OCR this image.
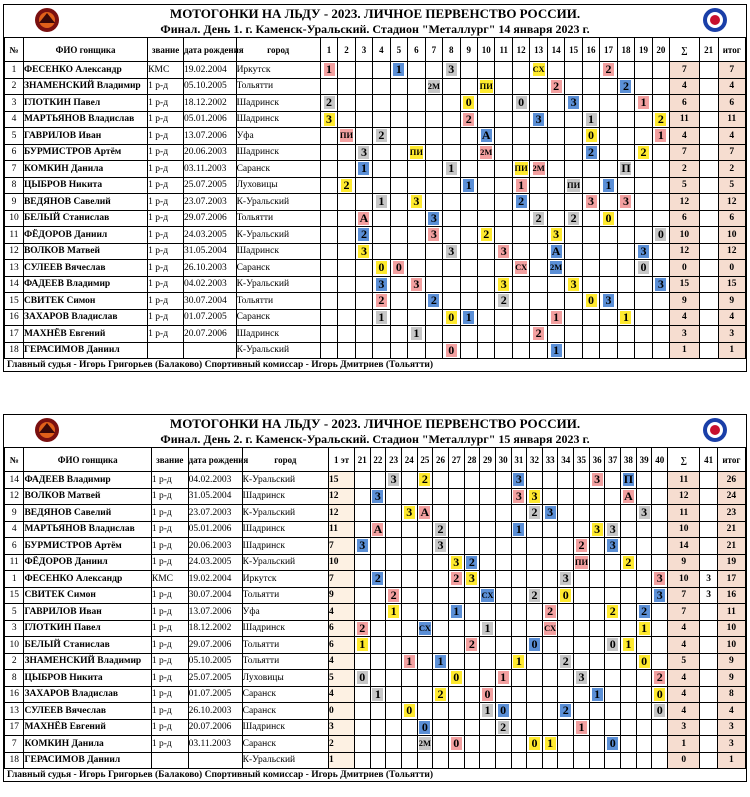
МОТОГОНКИ НА ЛЬДУ - 2023. ЛИЧНОЕ ПЕРВЕНСТВО РОССИИ.
Финал. День 1. г. Каменск-Уральский. Стадион "Металлург" 14 января 2023 г.
№	ФИО гонщика	звание	дата рождения	город	1	2	3	4	5	6	7	8	9	10	11	12	13	14	15	16	17	18	19	20	∑	21	итог
1	ФЕСЕНКО Александр	КМС	19.02.2004	Иркутск	1				1			3					СХ				2				7		7
2	ЗНАМЕНСКИЙ Владимир	1 р-д	05.10.2005	Тольятти							2М			ПИ				2				2			4		4
3	ГЛОТКИН Павел	1 р-д	18.12.2002	Шадринск	2								0			0			3				1		6		6
4	МАРТЬЯНОВ Владислав	1 р-д	05.01.2006	Шадринск	3								2				3			1				2	11		11
5	ГАВРИЛОВ Иван	1 р-д	13.07.2006	Уфа		ПИ		2						А						0				1	4		4
6	БУРМИСТРОВ Артём	1 р-д	20.06.2003	Шадринск			3			ПИ				2М						2			2		7		7
7	КОМКИН Данила	1 р-д	03.11.2003	Саранск			1					1				ПИ	2М					П			2		2
8	ЦЫБРОВ Никита	1 р-д	25.07.2005	Луховицы		2							1			1			ПИ		1				5		5
9	ВЕДЯНОВ Савелий	1 р-д	23.07.2003	К-Уральский				1		3						2				3		3			12		12
10	БЕЛЫЙ Станислав	1 р-д	29.07.2006	Тольятти			А				3						2		2		0				6		6
11	ФЁДОРОВ Даниил	1 р-д	24.03.2005	К-Уральский			2				3			2				3						0	10		10
12	ВОЛКОВ Матвей	1 р-д	31.05.2004	Шадринск			3					3			3			А					3		12		12
13	СУЛЕЕВ Вячеслав	1 р-д	26.10.2003	Саранск				0	0							СХ		2М					0		0		0
14	ФАДЕЕВ Владимир	1 р-д	04.02.2003	К-Уральский				3		3					3				3					3	15		15
15	СВИТЕК Симон	1 р-д	30.07.2004	Тольятти				2			2				2					0	3				9		9
16	ЗАХАРОВ Владислав	1 р-д	01.07.2005	Саранск				1				0	1					1				1			4		4
17	МАХНЁВ Евгений	1 р-д	20.07.2006	Шадринск						1							2								3		3
18	ГЕРАСИМОВ Даниил			К-Уральский								0						1							1		1
Главный судья - Игорь Григорьев (Балаково) Спортивный комиссар - Игорь Дмитриев (Тольятти)
МОТОГОНКИ НА ЛЬДУ - 2023. ЛИЧНОЕ ПЕРВЕНСТВО РОССИИ.
Финал. День 2. г. Каменск-Уральский. Стадион "Металлург" 15 января 2023 г.
№	ФИО гонщика	звание	дата рождения	город	1 эт	21	22	23	24	25	26	27	28	29	30	31	32	33	34	35	36	37	38	39	40	∑	41	итог
14	ФАДЕЕВ Владимир	1 р-д	04.02.2003	К-Уральский	15			3		2						3					3		П			11		26
12	ВОЛКОВ Матвей	1 р-д	31.05.2004	Шадринск	12		3									3	3						А			12		24
9	ВЕДЯНОВ Савелий	1 р-д	23.07.2003	К-Уральский	12				3	А							2	3						3		11		23
4	МАРТЬЯНОВ Владислав	1 р-д	05.01.2006	Шадринск	11		А				2					1					3	3				10		21
6	БУРМИСТРОВ Артём	1 р-д	20.06.2003	Шадринск	7	3					3									2		3				14		21
11	ФЁДОРОВ Даниил	1 р-д	24.03.2005	К-Уральский	10							3	2							ПИ			2			9		19
1	ФЕСЕНКО Александр	КМС	19.02.2004	Иркутск	7		2					2	3						3						3	10	3	17
15	СВИТЕК Симон	1 р-д	30.07.2004	Тольятти	9			2						СХ			2		0						3	7	3	16
5	ГАВРИЛОВ Иван	1 р-д	13.07.2006	Уфа	4			1				1						2				2		2		7		11
3	ГЛОТКИН Павел	1 р-д	18.12.2002	Шадринск	6	2				СХ				1				СХ						1		4		10
10	БЕЛЫЙ Станислав	1 р-д	29.07.2006	Тольятти	6	1							2				0					0	1			4		10
2	ЗНАМЕНСКИЙ Владимир	1 р-д	05.10.2005	Тольятти	4				1		1					1			2					0		5		9
8	ЦЫБРОВ Никита	1 р-д	25.07.2005	Луховицы	5	0						0			1					3					2	4		9
16	ЗАХАРОВ Владислав	1 р-д	01.07.2005	Саранск	4		1				2			0							1				0	4		8
13	СУЛЕЕВ Вячеслав	1 р-д	26.10.2003	Саранск	0				0					1	0				2						0	4		4
17	МАХНЁВ Евгений	1 р-д	20.07.2006	Шадринск	3					0					2					1						3		3
7	КОМКИН Данила	1 р-д	03.11.2003	Саранск	2					2М		0					0	1				0				1		3
18	ГЕРАСИМОВ Даниил			К-Уральский	1																					0		1
Главный судья - Игорь Григорьев (Балаково) Спортивный комиссар - Игорь Дмитриев (Тольятти)
